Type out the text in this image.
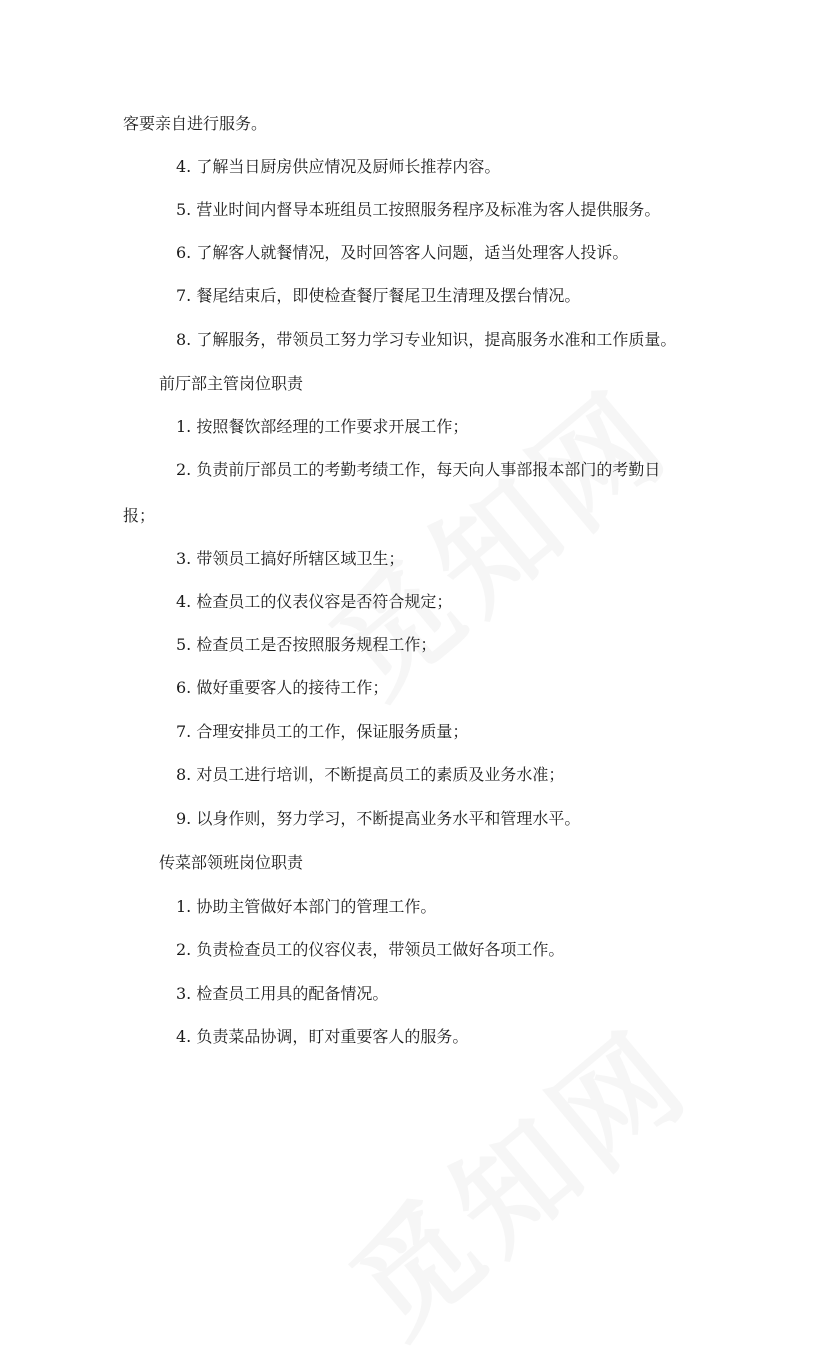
客要亲自进行服务。
4. 了解当日厨房供应情况及厨师长推荐内容。
5. 营业时间内督导本班组员工按照服务程序及标准为客人提供服务。
6. 了解客人就餐情况，及时回答客人问题，适当处理客人投诉。
7. 餐尾结束后，即使检查餐厅餐尾卫生清理及摆台情况。
8. 了解服务，带领员工努力学习专业知识，提高服务水准和工作质量。
前厅部主管岗位职责
1. 按照餐饮部经理的工作要求开展工作；
2. 负责前厅部员工的考勤考绩工作，每天向人事部报本部门的考勤日
报；
3. 带领员工搞好所辖区域卫生；
4. 检查员工的仪表仪容是否符合规定；
5. 检查员工是否按照服务规程工作；
6. 做好重要客人的接待工作；
7. 合理安排员工的工作，保证服务质量；
8. 对员工进行培训，不断提高员工的素质及业务水准；
9. 以身作则，努力学习，不断提高业务水平和管理水平。
传菜部领班岗位职责
1. 协助主管做好本部门的管理工作。
2. 负责检查员工的仪容仪表，带领员工做好各项工作。
3. 检查员工用具的配备情况。
4. 负责菜品协调，盯对重要客人的服务。
